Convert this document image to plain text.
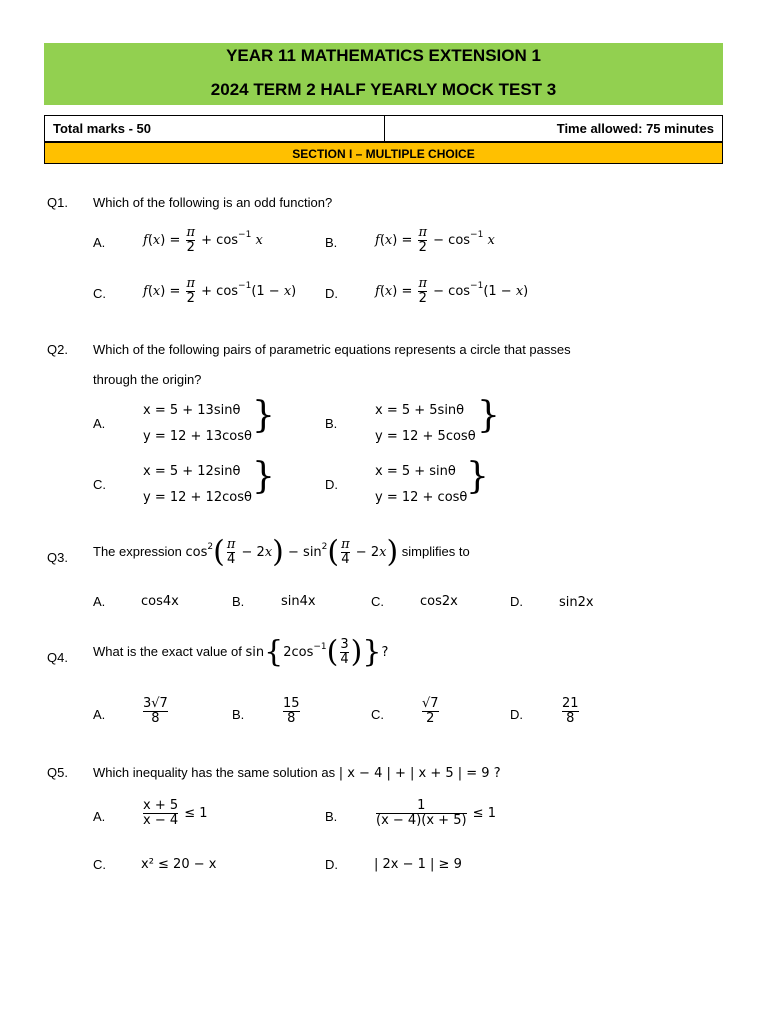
YEAR 11 MATHEMATICS EXTENSION 1
2024 TERM 2 HALF YEARLY MOCK TEST 3
Total marks - 50	Time allowed: 75 minutes
SECTION I – MULTIPLE CHOICE
Q1. Which of the following is an odd function?
A.	$f(x) = \frac{\pi}{2} + \cos^{-1} x$	B.	$f(x) = \frac{\pi}{2} - \cos^{-1} x$
C.	$f(x) = \frac{\pi}{2} + \cos^{-1}(1 - x)$ D.	$f(x) = \frac{\pi}{2} - \cos^{-1}(1 - x)$
Q2. Which of the following pairs of parametric equations represents a circle that passes
through the origin?
A.
x = 5 + 13sinθ
y = 12 + 13cosθ
}	B.
x = 5 + 5sinθ
y = 12 + 5cosθ
}
C.
x = 5 + 12sinθ
y = 12 + 12cosθ
}	D.
x = 5 + sinθ
y = 12 + cosθ
}
Q3. The expression $\cos^2( \frac{\pi}{4} - 2x) - \sin^2( \frac{\pi}{4} - 2x)$ simplifies to
A.	cos4x	B.	sin4x	C.	cos2x	D.	sin2x
Q4. What is the exact value of $\sin\{2\cos^{-1}( \frac{3}{4}$ )}?
A.	$\frac{3√7}{8}$	B.	$\frac{15}{8}$	C.	$\frac{√7}{2}$	D.	$\frac{21}{8}$
Q5. Which inequality has the same solution as | x − 4 | + | x + 5 | = 9 ?
A.	$\frac{x + 5}{x - 4} \le 1$	B.	$\frac{1}{(x - 4)(x + 5)} \le 1$
C.	x² ≤ 20 − x	D.	| 2x − 1 | ≥ 9
